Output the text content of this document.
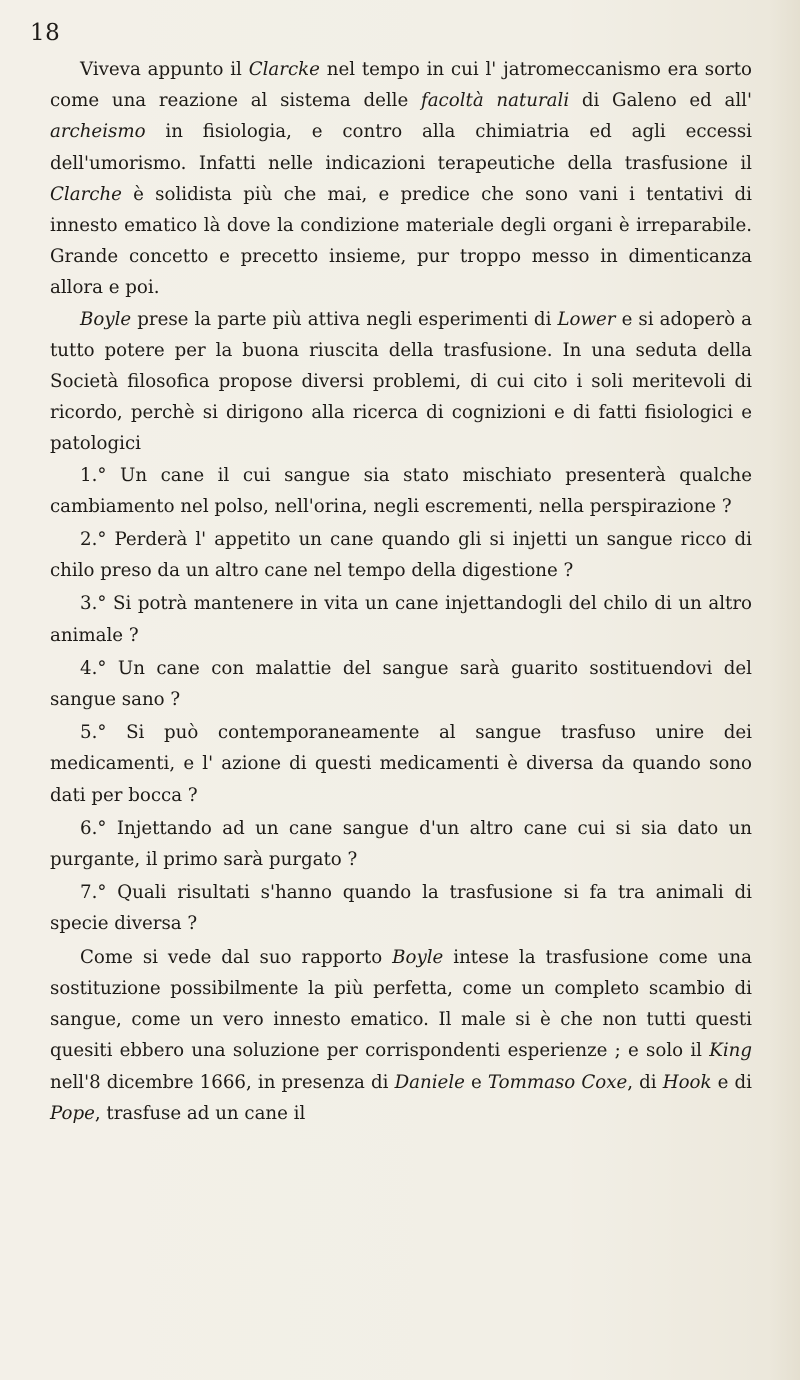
18

Viveva appunto il Clarcke nel tempo in cui l' jatromeccanismo era sorto come una reazione al sistema delle facoltà naturali di Galeno ed all' archeismo in fisiologia, e contro alla chimiatria ed agli eccessi dell'umorismo. Infatti nelle indicazioni terapeutiche della trasfusione il Clarche è solidista più che mai, e predice che sono vani i tentativi di innesto ematico là dove la condizione materiale degli organi è irreparabile. Grande concetto e precetto insieme, pur troppo messo in dimenticanza allora e poi.

Boyle prese la parte più attiva negli esperimenti di Lower e si adoperò a tutto potere per la buona riuscita della trasfusione. In una seduta della Società filosofica propose diversi problemi, di cui cito i soli meritevoli di ricordo, perchè si dirigono alla ricerca di cognizioni e di fatti fisiologici e patologici

1.° Un cane il cui sangue sia stato mischiato presenterà qualche cambiamento nel polso, nell'orina, negli escrementi, nella perspirazione ?

2.° Perderà l' appetito un cane quando gli si injetti un sangue ricco di chilo preso da un altro cane nel tempo della digestione ?

3.° Si potrà mantenere in vita un cane injettandogli del chilo di un altro animale ?

4.° Un cane con malattie del sangue sarà guarito sostituendovi del sangue sano ?

5.° Si può contemporaneamente al sangue trasfuso unire dei medicamenti, e l' azione di questi medicamenti è diversa da quando sono dati per bocca ?

6.° Injettando ad un cane sangue d'un altro cane cui si sia dato un purgante, il primo sarà purgato ?

7.° Quali risultati s'hanno quando la trasfusione si fa tra animali di specie diversa ?

Come si vede dal suo rapporto Boyle intese la trasfusione come una sostituzione possibilmente la più perfetta, come un completo scambio di sangue, come un vero innesto ematico. Il male si è che non tutti questi quesiti ebbero una soluzione per corrispondenti esperienze ; e solo il King nell'8 dicembre 1666, in presenza di Daniele e Tommaso Coxe, di Hook e di Pope, trasfuse ad un cane il
